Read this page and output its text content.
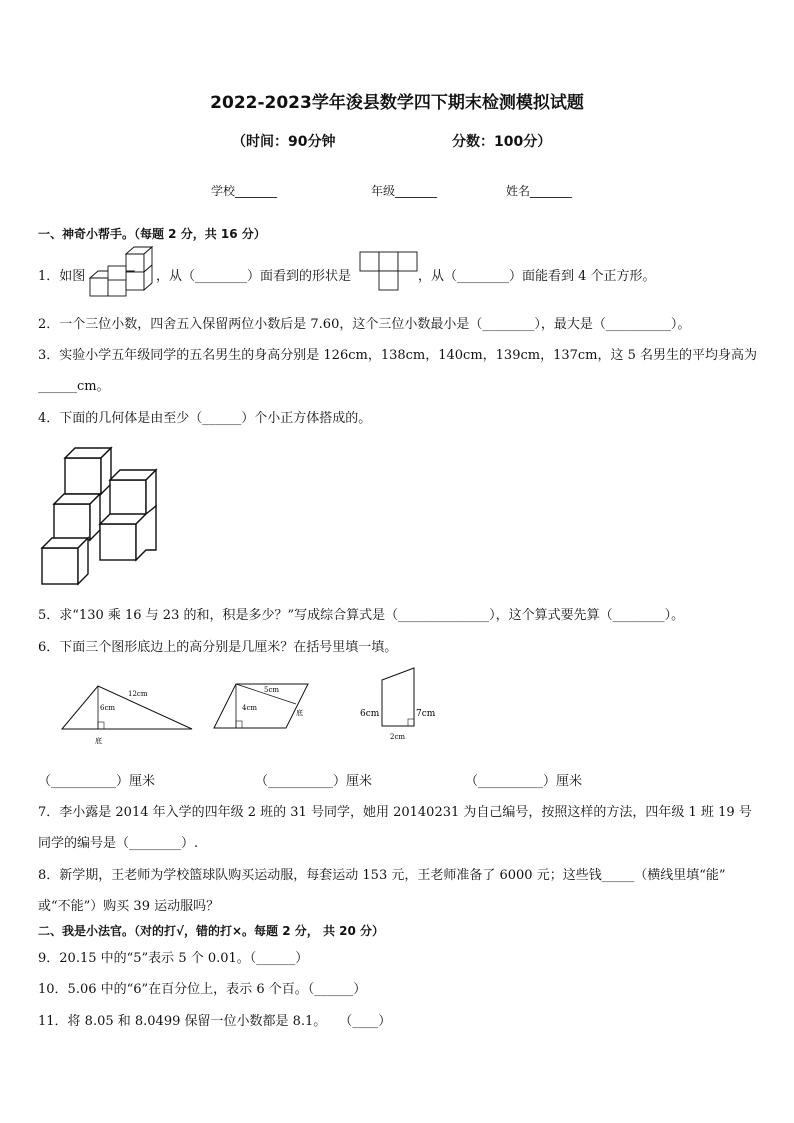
2022-2023学年浚县数学四下期末检测模拟试题
（时间：90分钟	分数：100分）
学校_______	年级_______	姓名_______
一、神奇小帮手。（每题 2 分，共 16 分）
1．如图	，从（________）面看到的形状是	，从（________）面能看到 4 个正方形。
2．一个三位小数，四舍五入保留两位小数后是 7.60，这个三位小数最小是（________），最大是（__________）。
3．实验小学五年级同学的五名男生的身高分别是 126cm，138cm，140cm，139cm，137cm，这 5 名男生的平均身高为
______cm。
4．下面的几何体是由至少（______）个小正方体搭成的。
5．求“130 乘 16 与 23 的和，积是多少？”写成综合算式是（______________），这个算式要先算（________）。
6．下面三个图形底边上的高分别是几厘米？在括号里填一填。
12cm
6cm
底
5cm
4cm
底	6cm	7cm
2cm
（__________）厘米	（__________）厘米	（__________）厘米
7．李小露是 2014 年入学的四年级 2 班的 31 号同学，她用 20140231 为自己编号，按照这样的方法，四年级 1 班 19 号
同学的编号是（________）.
8．新学期，王老师为学校篮球队购买运动服，每套运动 153 元，王老师准备了 6000 元；这些钱_____（横线里填“能”
或“不能”）购买 39 运动服吗？
二、我是小法官。（对的打√，错的打×。每题 2 分， 共 20 分）
9．20.15 中的“5”表示 5 个 0.01。（______）
10．5.06 中的“6”在百分位上，表示 6 个百。（______）
11．将 8.05 和 8.0499 保留一位小数都是 8.1。　　（____）
